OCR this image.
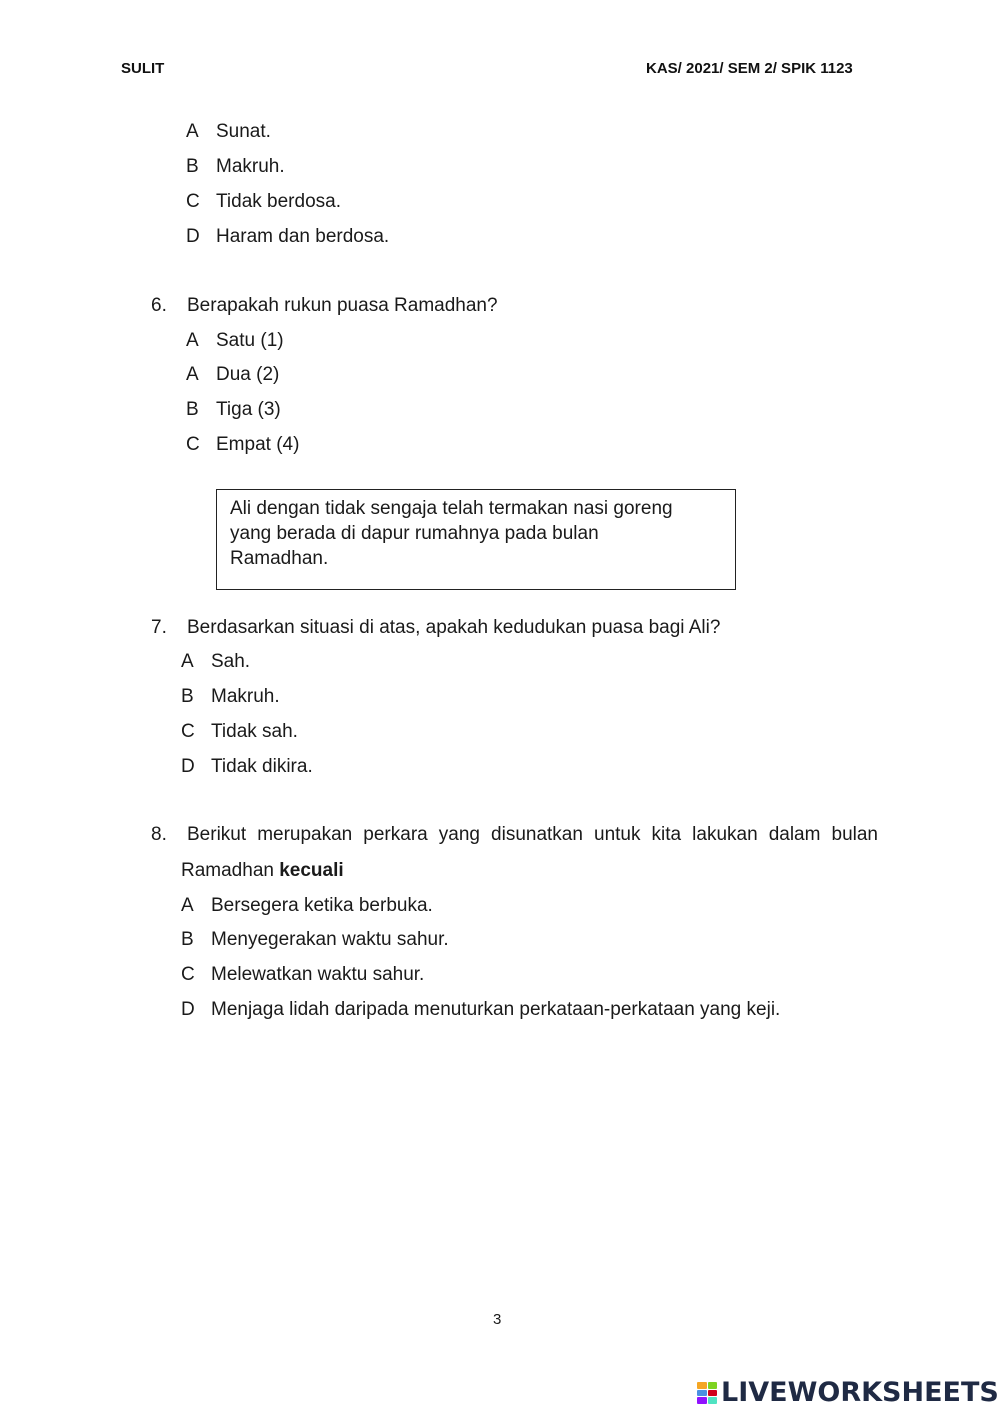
SULIT	KAS/ 2021/ SEM 2/ SPIK 1123
A Sunat.
B Makruh.
C Tidak berdosa.
D Haram dan berdosa.
6. Berapakah rukun puasa Ramadhan?
A Satu (1)
A Dua (2)
B Tiga (3)
C Empat (4)
Ali dengan tidak sengaja telah termakan nasi goreng
yang berada di dapur rumahnya pada bulan
Ramadhan.
7. Berdasarkan situasi di atas, apakah kedudukan puasa bagi Ali?
A Sah.
B Makruh.
C Tidak sah.
D Tidak dikira.
8. Berikut merupakan perkara yang disunatkan untuk kita lakukan dalam bulan
Ramadhan kecuali
A Bersegera ketika berbuka.
B Menyegerakan waktu sahur.
C Melewatkan waktu sahur.
D Menjaga lidah daripada menuturkan perkataan-perkataan yang keji.
3
LIVEWORKSHEETS
